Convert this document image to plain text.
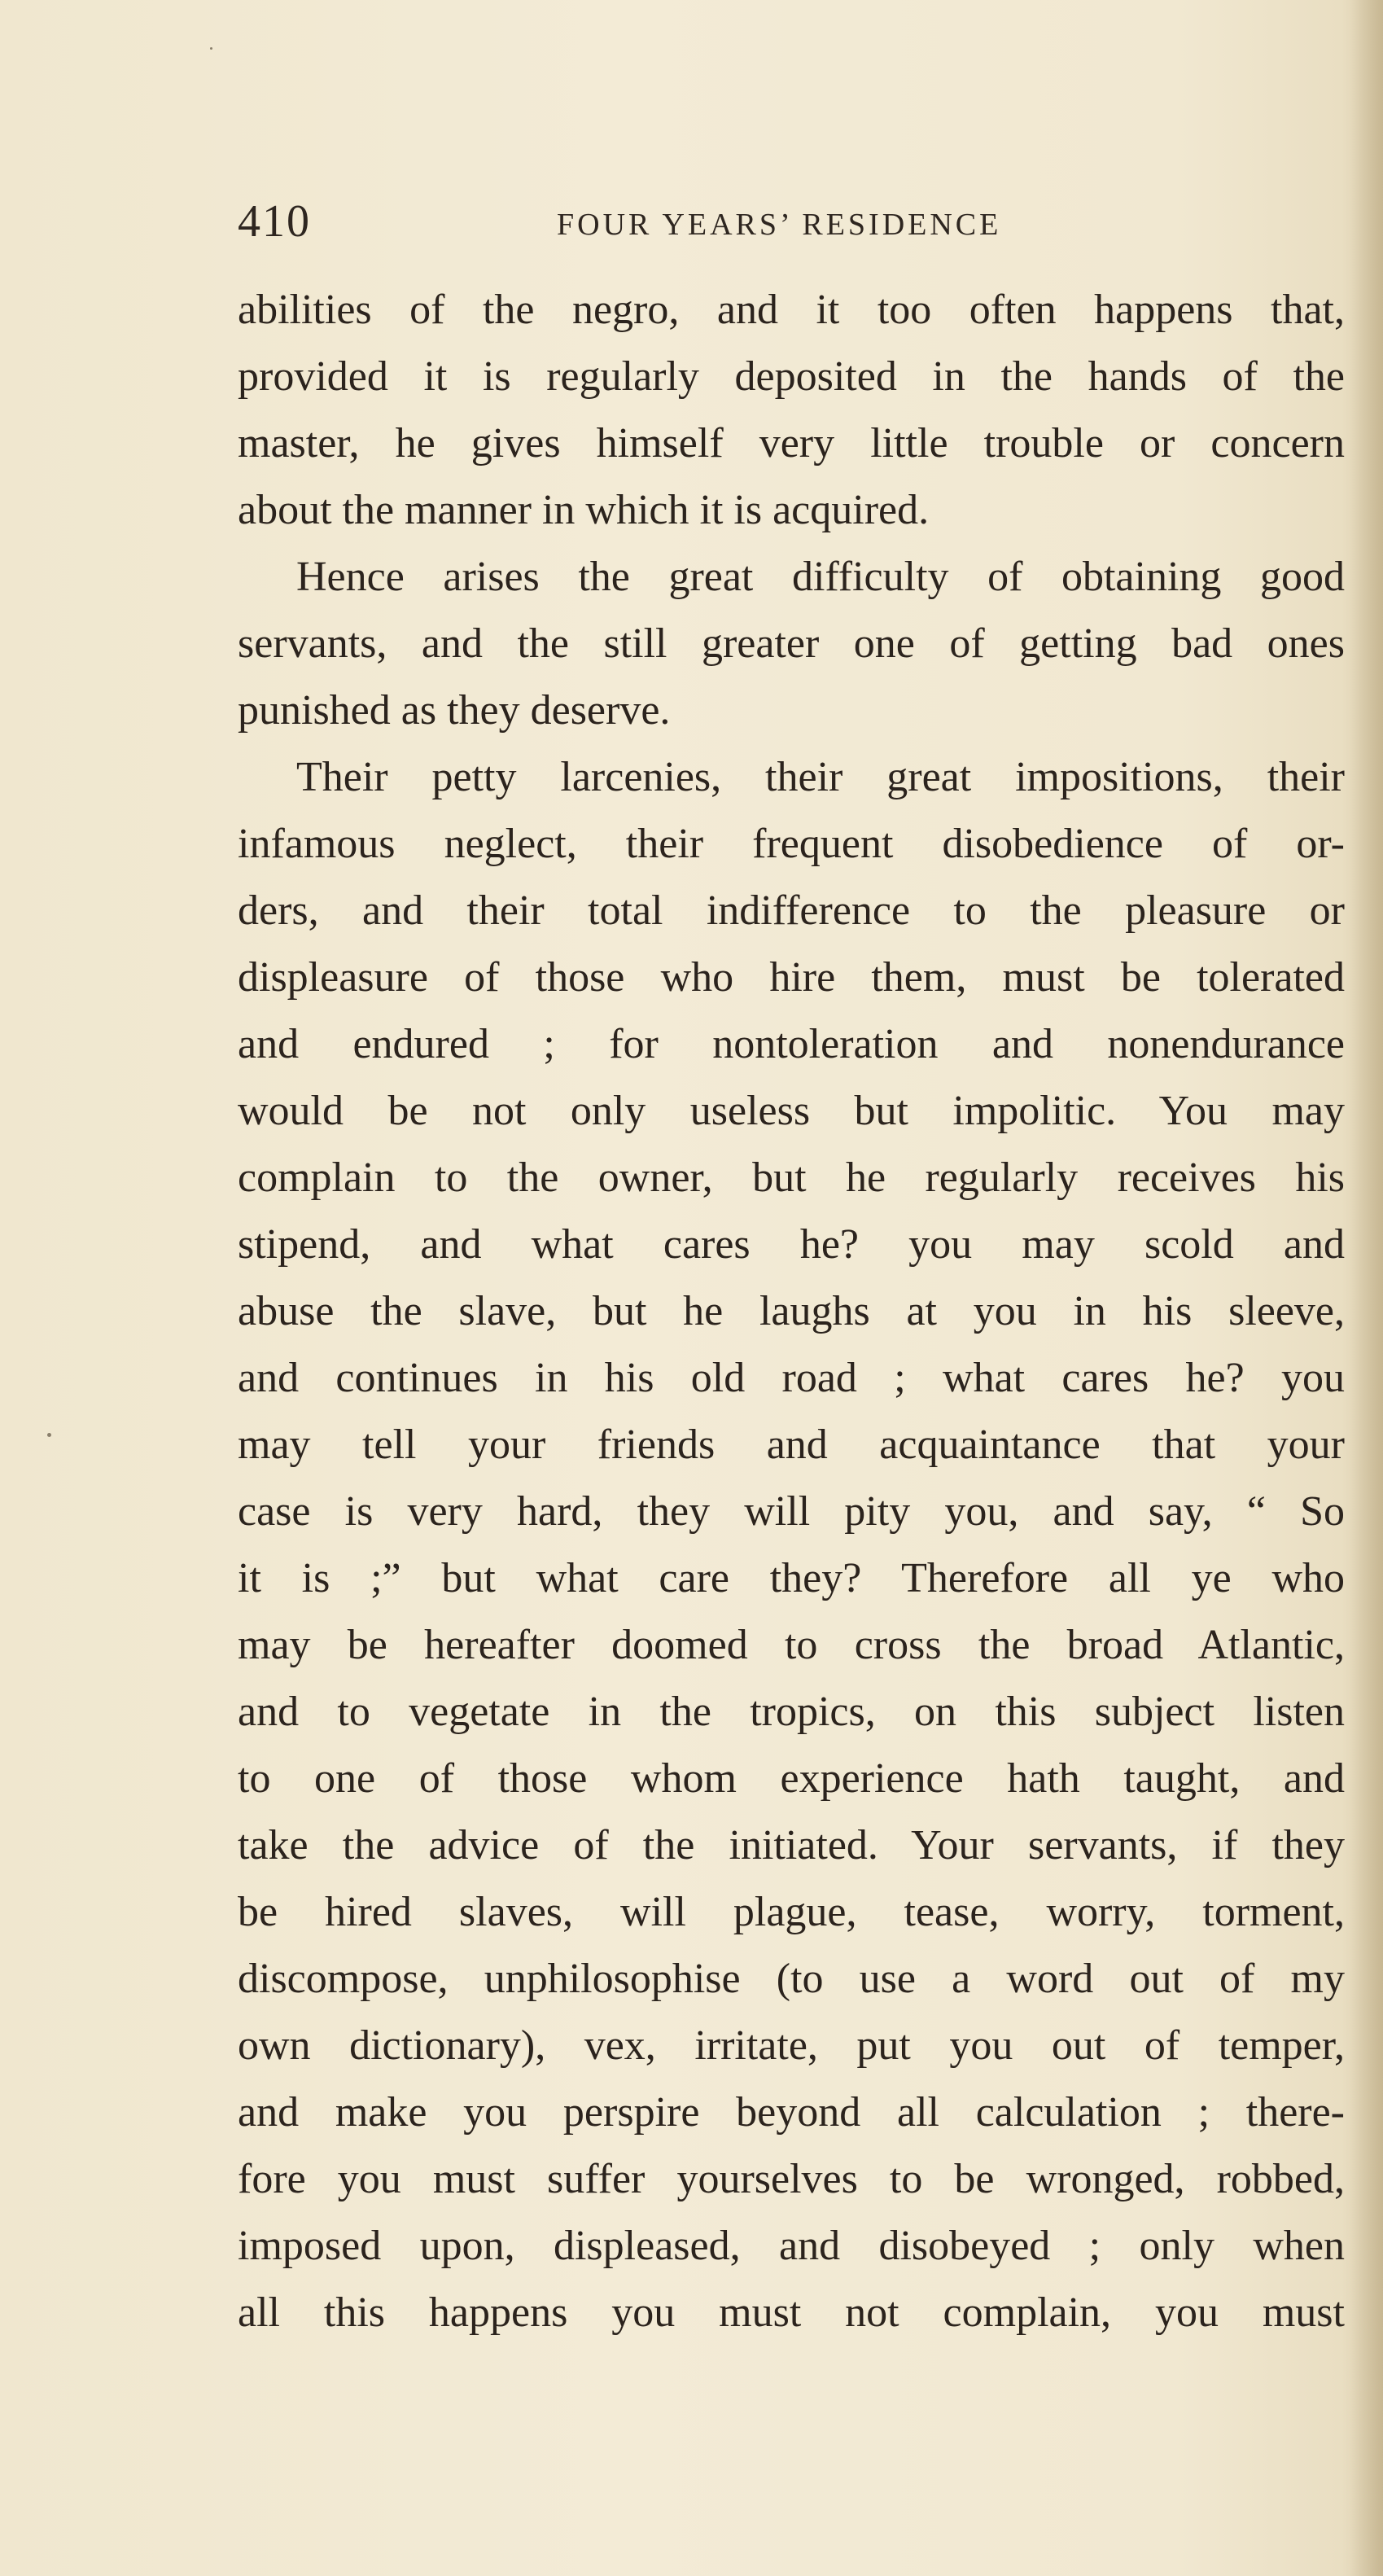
410	FOUR YEARS’ RESIDENCE
abilities of the negro, and it too often happens that,
provided it is regularly deposited in the hands of the
master, he gives himself very little trouble or concern
about the manner in which it is acquired.
Hence arises the great difficulty of obtaining good
servants, and the still greater one of getting bad ones
punished as they deserve.
Their petty larcenies, their great impositions, their
infamous neglect, their frequent disobedience of or-
ders, and their total indifference to the pleasure or
displeasure of those who hire them, must be tolerated
and endured ; for nontoleration and nonendurance
would be not only useless but impolitic. You may
complain to the owner, but he regularly receives his
stipend, and what cares he? you may scold and
abuse the slave, but he laughs at you in his sleeve,
and continues in his old road ; what cares he? you
may tell your friends and acquaintance that your
case is very hard, they will pity you, and say, “ So
it is ;” but what care they? Therefore all ye who
may be hereafter doomed to cross the broad Atlantic,
and to vegetate in the tropics, on this subject listen
to one of those whom experience hath taught, and
take the advice of the initiated. Your servants, if they
be hired slaves, will plague, tease, worry, torment,
discompose, unphilosophise (to use a word out of my
own dictionary), vex, irritate, put you out of temper,
and make you perspire beyond all calculation ; there-
fore you must suffer yourselves to be wronged, robbed,
imposed upon, displeased, and disobeyed ; only when
all this happens you must not complain, you must
